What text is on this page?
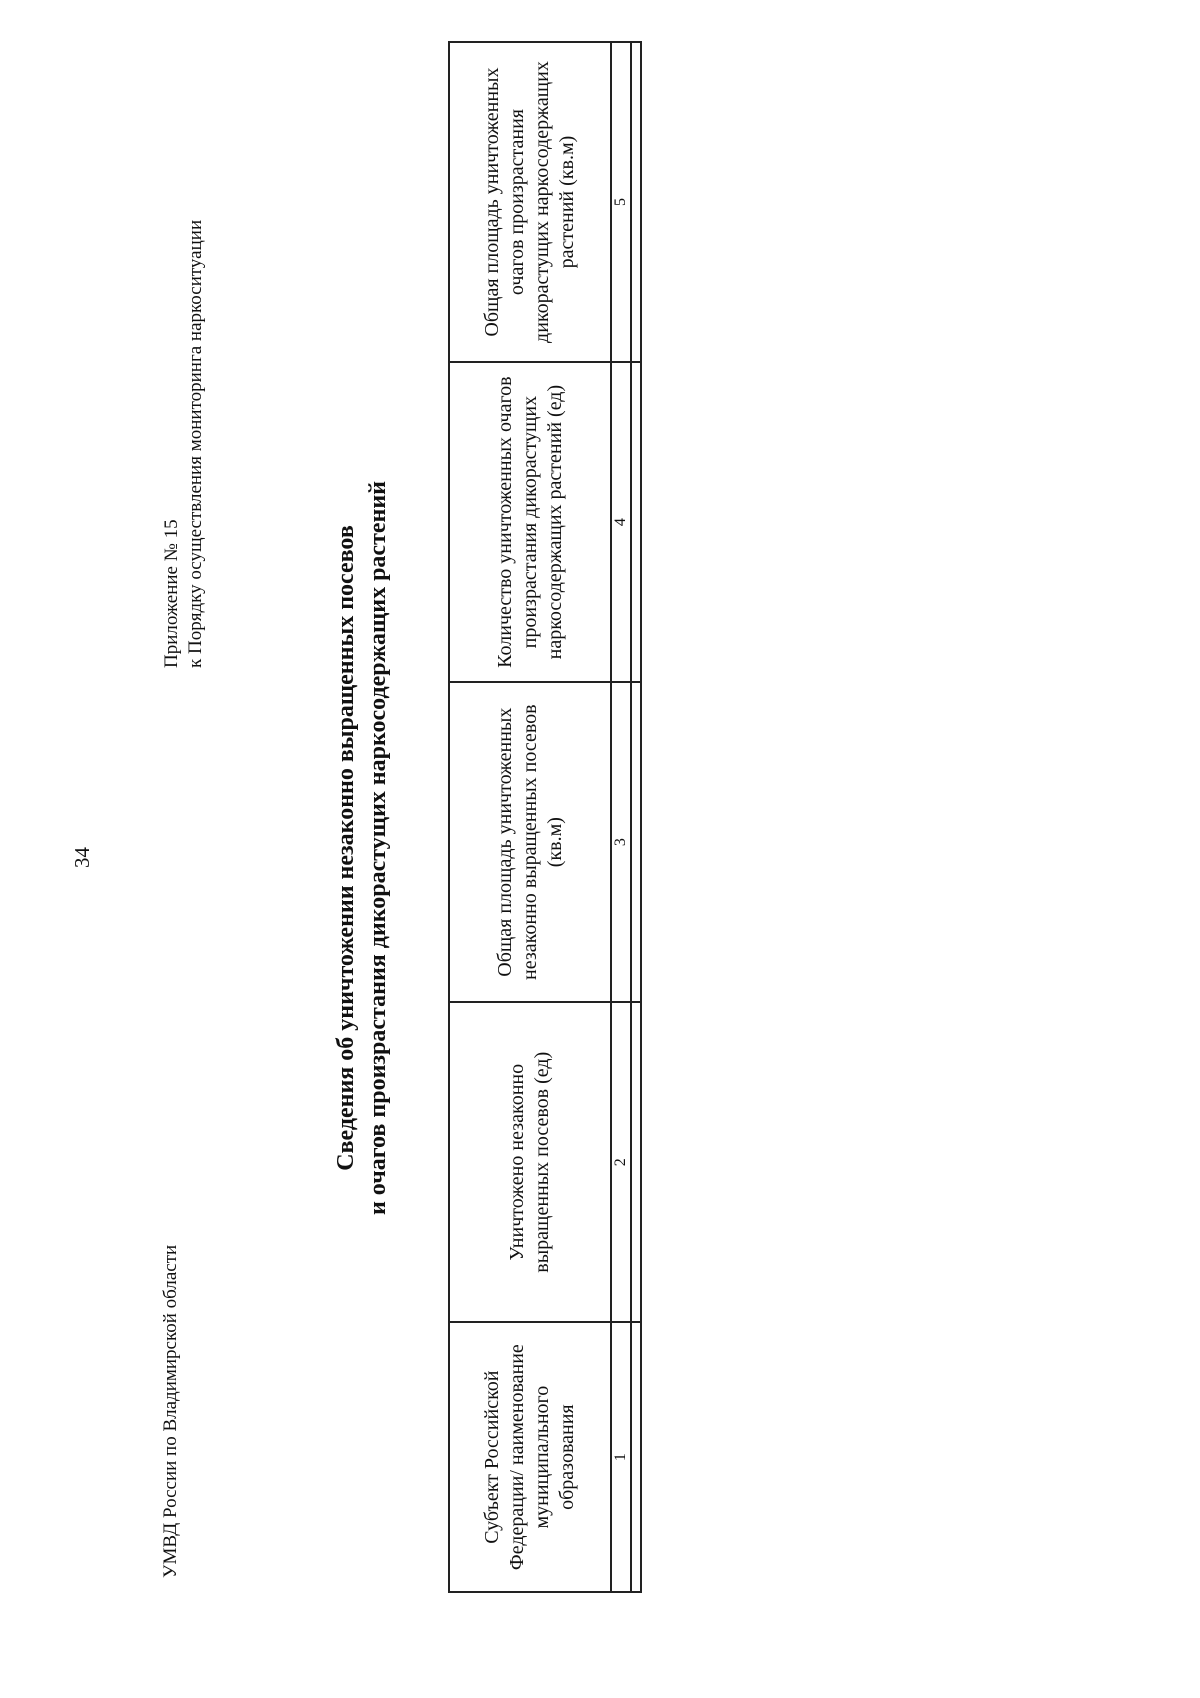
34
УМВД России по Владимирской области
Приложение № 15 к Порядку осуществления мониторинга наркоситуации
Сведения об уничтожении незаконно выращенных посевов и очагов произрастания дикорастущих наркосодержащих растений
Субъект Российской Федерации/ наименование муниципального образования	Уничтожено незаконно выращенных посевов (ед)	Общая площадь уничтоженных незаконно выращенных посевов (кв.м)	Количество уничтоженных очагов произрастания дикорастущих наркосодержащих растений (ед)	Общая площадь уничтоженных очагов произрастания дикорастущих наркосодержащих растений (кв.м)
1	2	3	4	5
